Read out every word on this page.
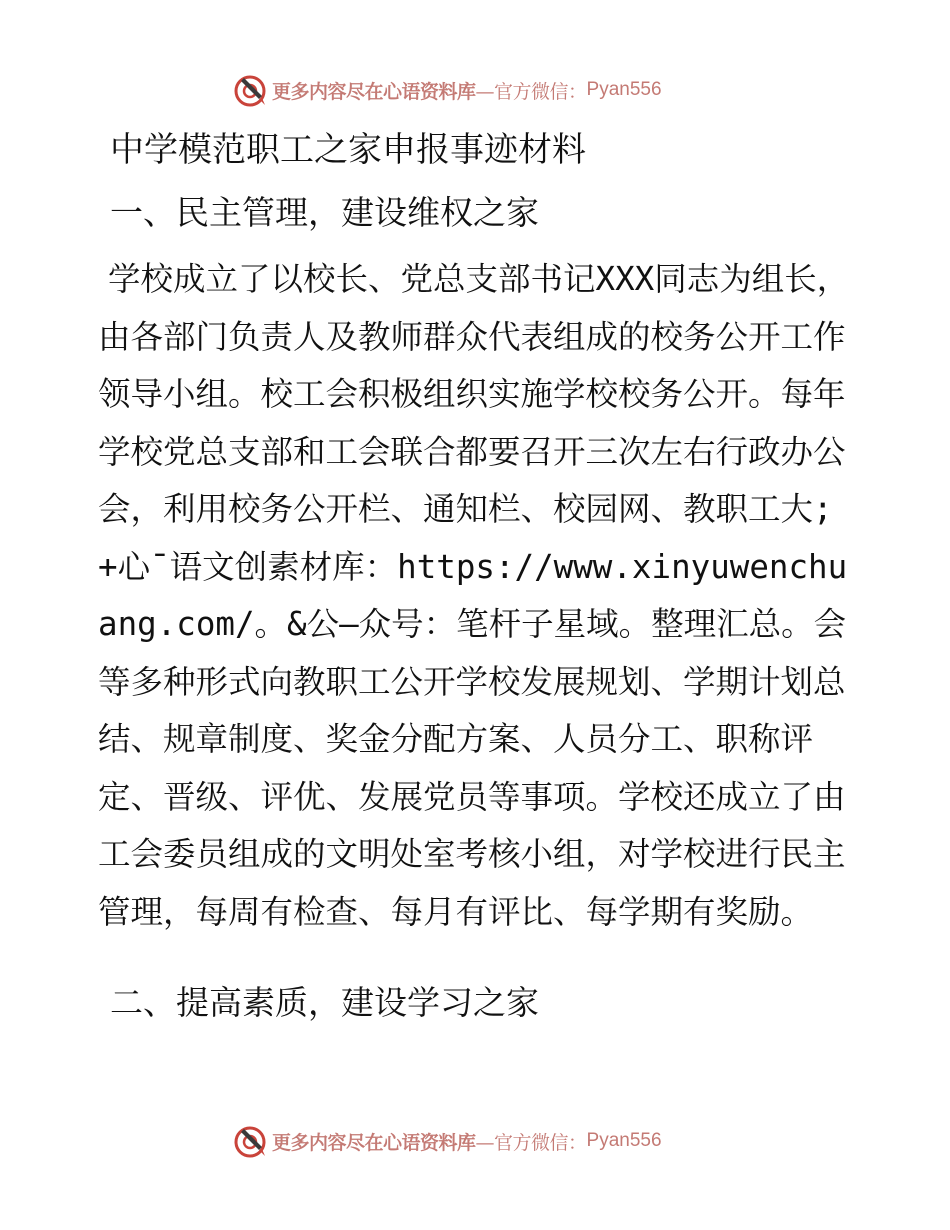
更多内容尽在心语资料库 —官方微信： Pyan556
中学模范职工之家申报事迹材料
一、民主管理，建设维权之家
学校成立了以校长、党总支部书记XXX同志为组长，由各部门负责人及教师群众代表组成的校务公开工作领导小组。校工会积极组织实施学校校务公开。每年学校党总支部和工会联合都要召开三次左右行政办公会，利用校务公开栏、通知栏、校园网、教职工大;+心¯语文创素材库：https://www.xinyuwenchuang.com/。&公—众号：笔杆子星域。整理汇总。会等多种形式向教职工公开学校发展规划、学期计划总结、规章制度、奖金分配方案、人员分工、职称评定、晋级、评优、发展党员等事项。学校还成立了由工会委员组成的文明处室考核小组，对学校进行民主管理，每周有检查、每月有评比、每学期有奖励。
二、提高素质，建设学习之家
更多内容尽在心语资料库 —官方微信： Pyan556
